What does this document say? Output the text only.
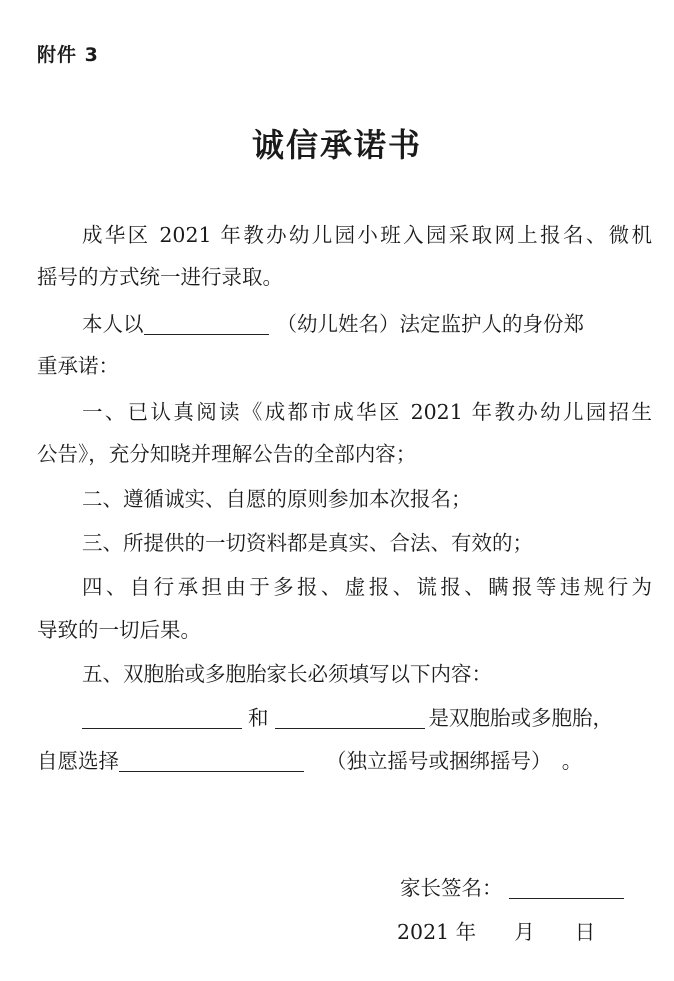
附件 3
诚信承诺书
成华区 2021 年教办幼儿园小班入园采取网上报名、微机
摇号的方式统一进行录取。
本人以	（幼儿姓名）法定监护人的身份郑
重承诺：
一、已认真阅读《成都市成华区 2021 年教办幼儿园招生
公告》，充分知晓并理解公告的全部内容；
二、遵循诚实、自愿的原则参加本次报名；
三、所提供的一切资料都是真实、合法、有效的；
四、自行承担由于多报、虚报、谎报、瞒报等违规行为
导致的一切后果。
五、双胞胎或多胞胎家长必须填写以下内容：
和	是双胞胎或多胞胎，
自愿选择	（独立摇号或捆绑摇号）　。
家长签名：
2021 年 月 日
